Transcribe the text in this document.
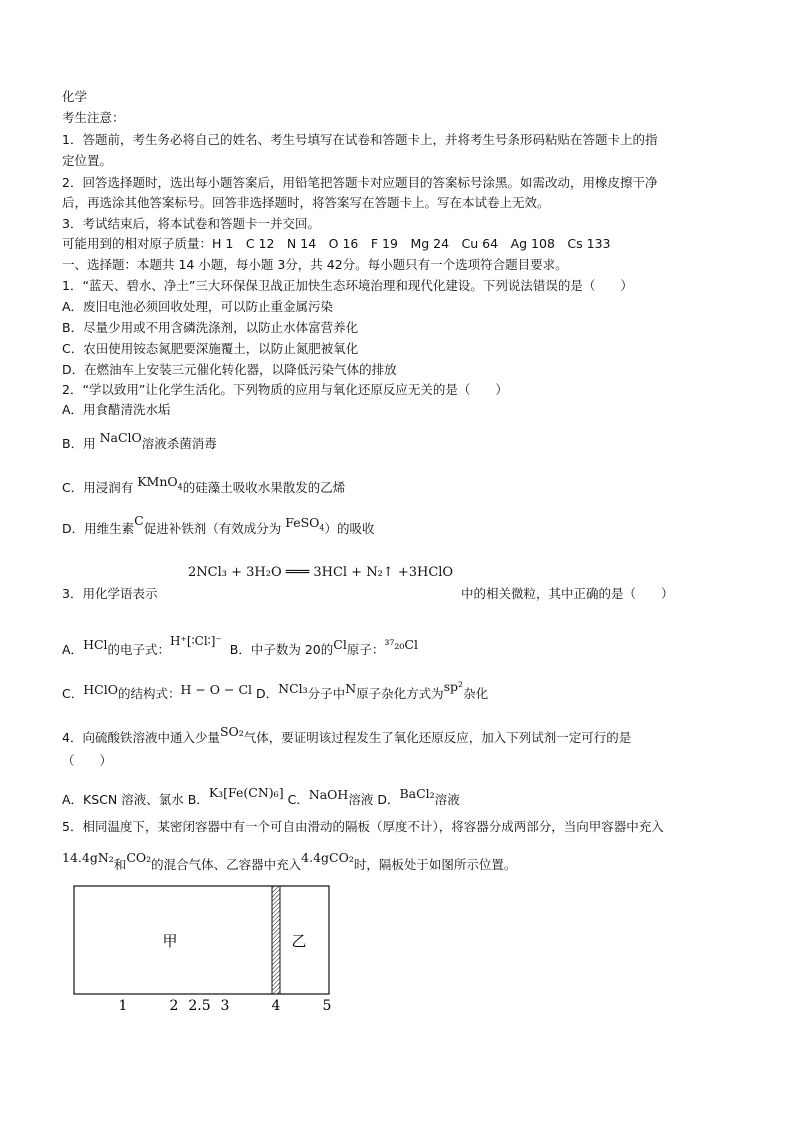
化学
考生注意：
1．答题前，考生务必将自己的姓名、考生号填写在试卷和答题卡上，并将考生号条形码粘贴在答题卡上的指
定位置。
2．回答选择题时，选出每小题答案后，用铅笔把答题卡对应题目的答案标号涂黑。如需改动，用橡皮擦干净
后，再选涂其他答案标号。回答非选择题时，将答案写在答题卡上。写在本试卷上无效。
3．考试结束后，将本试卷和答题卡一并交回。
可能用到的相对原子质量：H 1　C 12　N 14　O 16　F 19　Mg 24　Cu 64　Ag 108　Cs 133
一、选择题：本题共 14 小题，每小题 3分，共 42分。每小题只有一个选项符合题目要求。
1．“蓝天、碧水、净土”三大环保保卫战正加快生态环境治理和现代化建设。下列说法错误的是（　　）
A．废旧电池必须回收处理，可以防止重金属污染
B．尽量少用或不用含磷洗涤剂，以防止水体富营养化
C．农田使用铵态氮肥要深施覆土，以防止氮肥被氧化
D．在燃油车上安装三元催化转化器，以降低污染气体的排放
2．“学以致用”让化学生活化。下列物质的应用与氧化还原反应无关的是（　　）
A．用食醋清洗水垢
B．用 NaClO溶液杀菌消毒
C．用浸润有 KMnO$_4$的硅藻土吸收水果散发的乙烯
D．用维生素C促进补铁剂（有效成分为 FeSO$_4$）的吸收
2NCl₃ + 3H₂O ═══ 3HCl + N₂↑ +3HClO
3．用化学语表示	中的相关微粒，其中正确的是（　　）
A．HCl的电子式：H⁺[∶Cl∶]⁻ B．中子数为 20的Cl原子：³⁷₂₀Cl
C．HClO的结构式：H − O − Cl D．NCl₃分子中N原子杂化方式为sp²杂化
4．向硫酸铁溶液中通入少量SO₂气体，要证明该过程发生了氧化还原反应，加入下列试剂一定可行的是
（　　）
A．KSCN 溶液、氯水 B．K₃[Fe(CN)₆] C．NaOH溶液 D．BaCl₂溶液
5．相同温度下，某密闭容器中有一个可自由滑动的隔板（厚度不计），将容器分成两部分，当向甲容器中充入
14.4gN₂和CO₂的混合气体、乙容器中充入4.4gCO₂时，隔板处于如图所示位置。
甲	乙
1	2 2.5 3	4	5
